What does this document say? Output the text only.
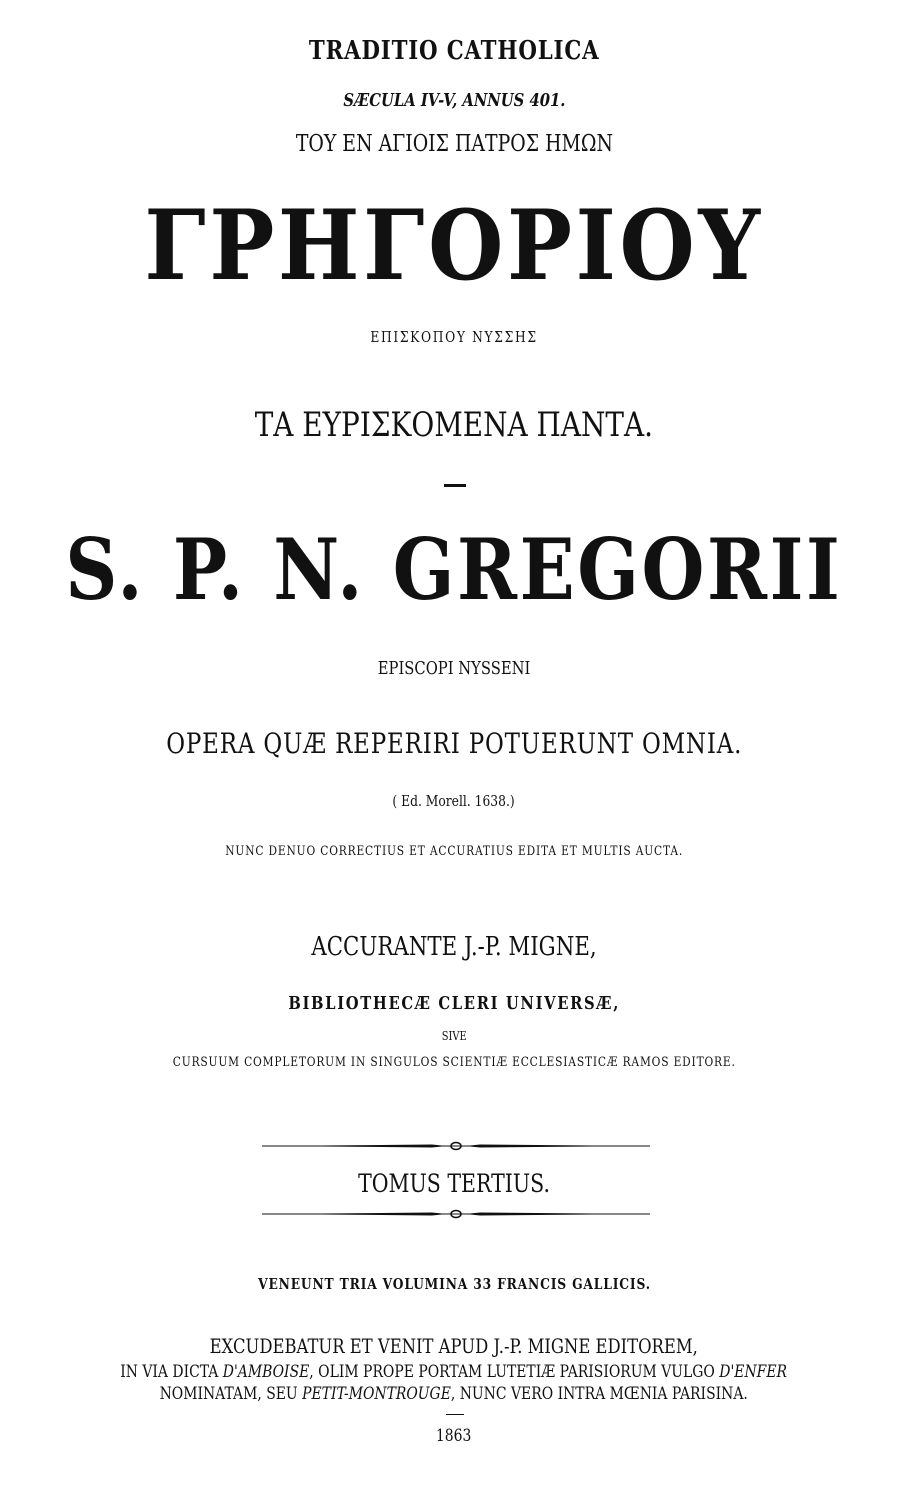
TRADITIO CATHOLICA
SÆCULA IV-V, ANNUS 401.
ΤΟΥ ΕΝ ΑΓΙΟΙΣ ΠΑΤΡΟΣ ΗΜΩΝ
ΓΡΗΓΟΡΙΟΥ
ΕΠΙΣΚΟΠΟΥ ΝΥΣΣΗΣ
ΤΑ ΕΥΡΙΣΚΟΜΕΝΑ ΠΑΝΤΑ.
S. P. N. GREGORII
EPISCOPI NYSSENI
OPERA QUÆ REPERIRI POTUERUNT OMNIA.
( Ed. Morell. 1638.)
NUNC DENUO CORRECTIUS ET ACCURATIUS EDITA ET MULTIS AUCTA.
ACCURANTE J.-P. MIGNE,
BIBLIOTHECÆ CLERI UNIVERSÆ,
SIVE
CURSUUM COMPLETORUM IN SINGULOS SCIENTIÆ ECCLESIASTICÆ RAMOS EDITORE.
TOMUS TERTIUS.
VENEUNT TRIA VOLUMINA 33 FRANCIS GALLICIS.
EXCUDEBATUR ET VENIT APUD J.-P. MIGNE EDITOREM,
IN VIA DICTA D'AMBOISE, OLIM PROPE PORTAM LUTETIÆ PARISIORUM VULGO D'ENFER
NOMINATAM, SEU PETIT-MONTROUGE, NUNC VERO INTRA MŒNIA PARISINA.
1863
